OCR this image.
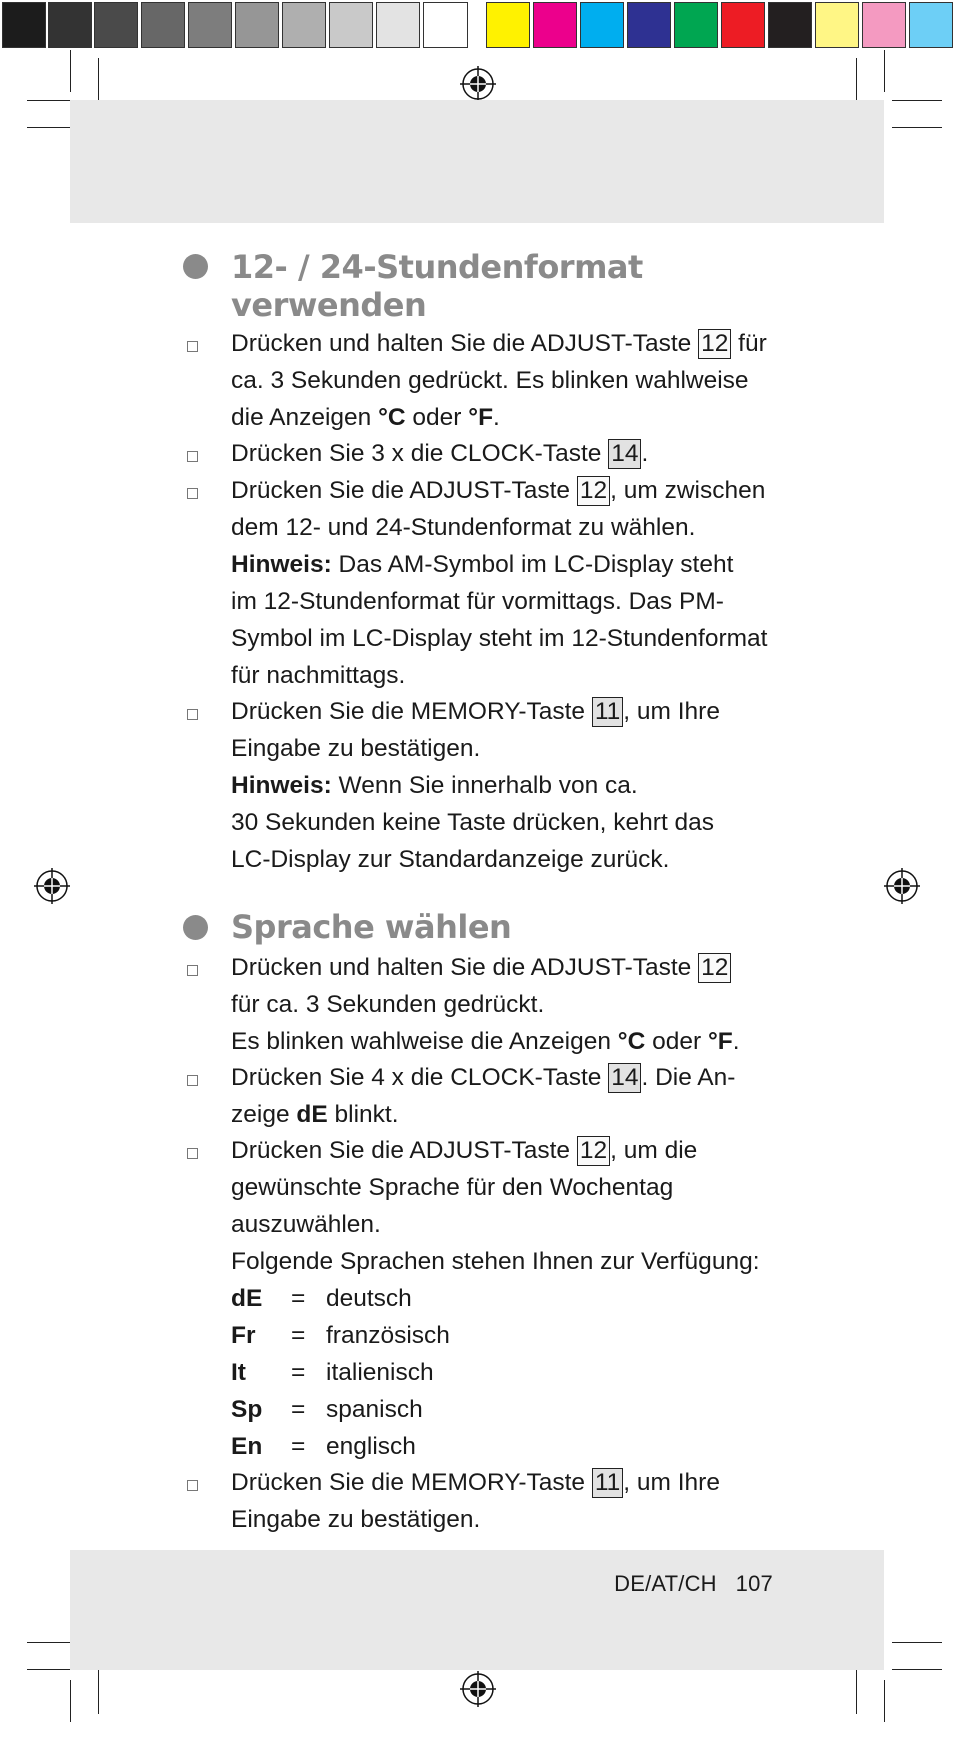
12- / 24-Stundenformat
verwenden
Drücken und halten Sie die ADJUST-Taste 12 für
ca. 3 Sekunden gedrückt. Es blinken wahlweise
die Anzeigen °C oder °F.
Drücken Sie 3 x die CLOCK-Taste 14 .
Drücken Sie die ADJUST-Taste 12 , um zwischen
dem 12- und 24-Stundenformat zu wählen.
Hinweis: Das AM-Symbol im LC-Display steht
im 12-Stundenformat für vormittags. Das PM-
Symbol im LC-Display steht im 12-Stundenformat
für nachmittags.
Drücken Sie die MEMORY-Taste 11 , um Ihre
Eingabe zu bestätigen.
Hinweis: Wenn Sie innerhalb von ca.
30 Sekunden keine Taste drücken, kehrt das
LC-Display zur Standardanzeige zurück.
Sprache wählen
Drücken und halten Sie die ADJUST-Taste 12
für ca. 3 Sekunden gedrückt.
Es blinken wahlweise die Anzeigen °C oder °F.
Drücken Sie 4 x die CLOCK-Taste 14 . Die An-
zeige dE blinkt.
Drücken Sie die ADJUST-Taste 12 , um die
gewünschte Sprache für den Wochentag
auszuwählen.
Folgende Sprachen stehen Ihnen zur Verfügung:
dE = deutsch
Fr = französisch
It = italienisch
Sp = spanisch
En = englisch
Drücken Sie die MEMORY-Taste 11 , um Ihre
Eingabe zu bestätigen.
DE/AT/CH   107
